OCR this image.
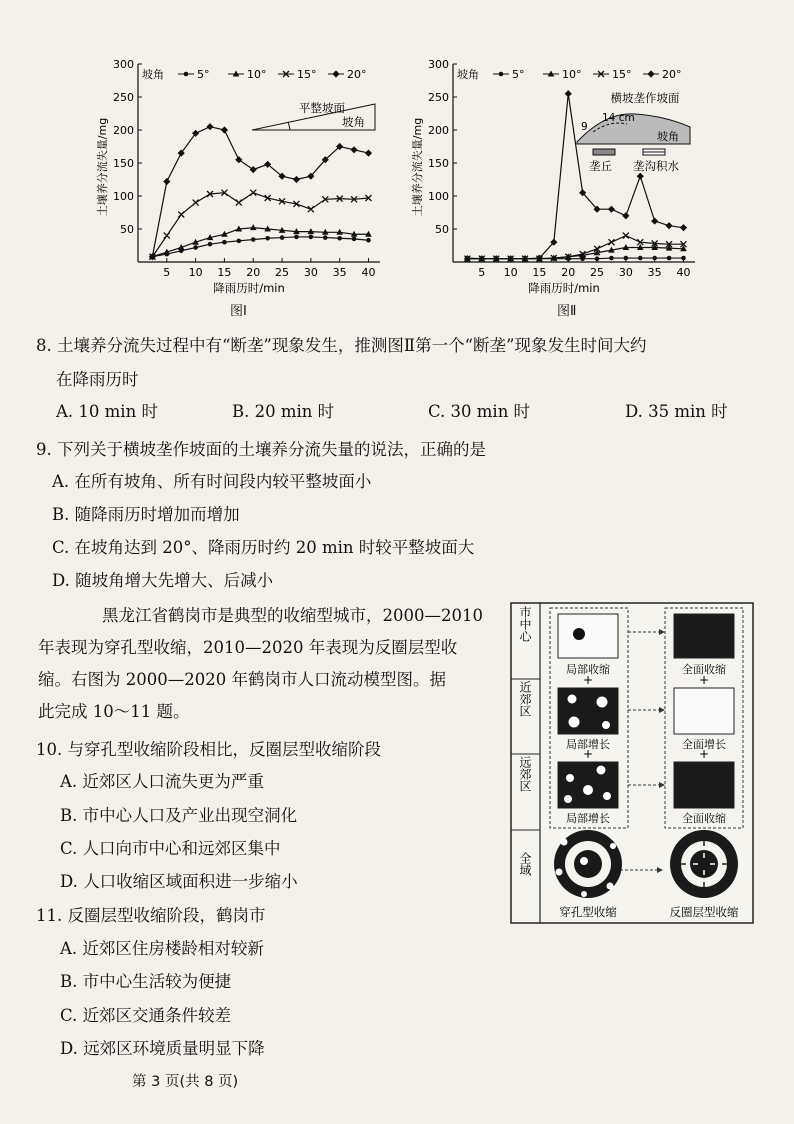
50
100
150
200
250
300
5 10 15 20 25 30 35 40
土壤养分流失量/mg
降雨历时/min
坡角	5°	10°	15°	20°
平整坡面
坡角
图Ⅰ
50
100
150
200
250
300
5 10 15 20 25 30 35 40
土壤养分流失量/mg
降雨历时/min
坡角	5°	10°	15°	20°
横坡垄作坡面
14 cm
9
坡角
垄丘 垄沟积水
图Ⅱ
8. 土壤养分流失过程中有“断垄”现象发生，推测图Ⅱ第一个“断垄”现象发生时间大约
在降雨历时
A. 10 min 时	B. 20 min 时	C. 30 min 时	D. 35 min 时
9. 下列关于横坡垄作坡面的土壤养分流失量的说法，正确的是
A. 在所有坡角、所有时间段内较平整坡面小
B. 随降雨历时增加而增加
C. 在坡角达到 20°、降雨历时约 20 min 时较平整坡面大
D. 随坡角增大先增大、后减小
黑龙江省鹤岗市是典型的收缩型城市，2000—2010
年表现为穿孔型收缩，2010—2020 年表现为反圈层型收
缩。右图为 2000—2020 年鹤岗市人口流动模型图。据
此完成 10～11 题。
10. 与穿孔型收缩阶段相比，反圈层型收缩阶段
A. 近郊区人口流失更为严重
B. 市中心人口及产业出现空洞化
C. 人口向市中心和远郊区集中
D. 人口收缩区域面积进一步缩小
11. 反圈层型收缩阶段，鹤岗市
A. 近郊区住房楼龄相对较新
B. 市中心生活较为便捷
C. 近郊区交通条件较差
D. 远郊区环境质量明显下降
市中心
近郊区
远郊区
全域
局部收缩
+
局部增长
+
局部增长
全面收缩
+
全面增长
+
全面收缩
穿孔型收缩	反圈层型收缩
第 3 页(共 8 页)
